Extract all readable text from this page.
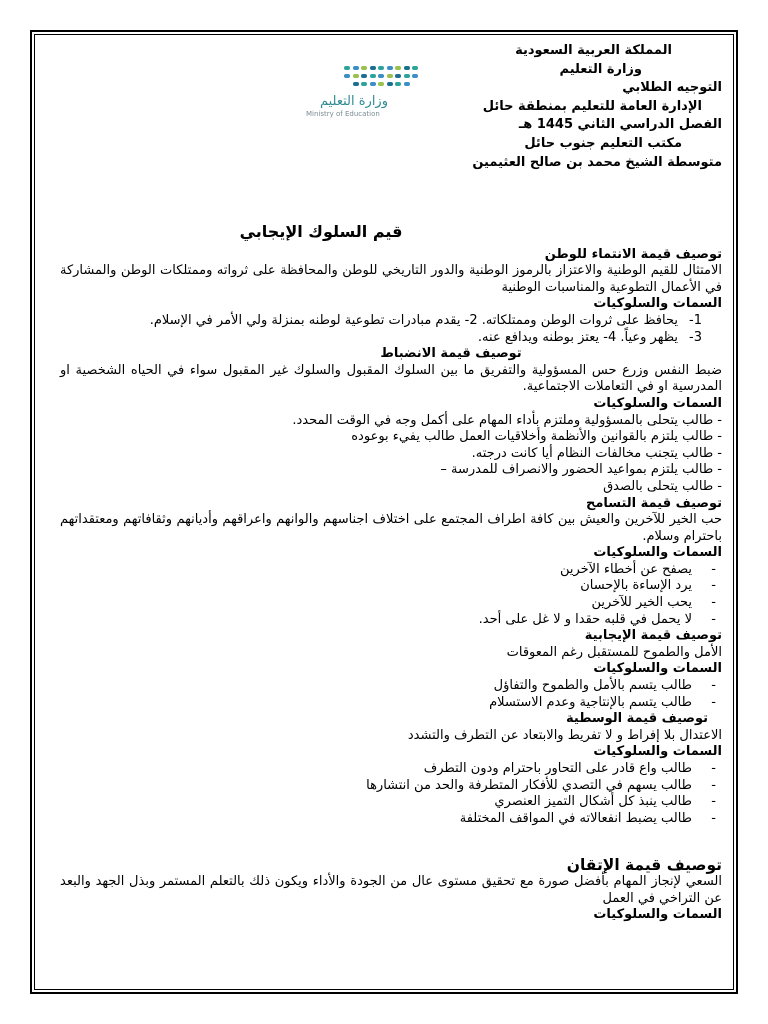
المملكة العربية السعودية
وزارة التعليم
التوجيه الطلابي
الإدارة العامة للتعليم بمنطقة حائل
الفصل الدراسي الثاني 1445 هـ
مكتب التعليم جنوب حائل
متوسطة الشيخ محمد بن صالح العثيمين
وزارة التعليم
Ministry of Education
قيم السلوك الإيجابي
توصيف قيمة الانتماء للوطن
الامتثال للقيم الوطنية والاعتزاز بالرموز الوطنية والدور التاريخي للوطن والمحافظة على ثرواته وممتلكات الوطن والمشاركة في الأعمال التطوعية والمناسبات الوطنية
السمات والسلوكيات
1-
يحافظ على ثروات الوطن وممتلكاته. 2- يقدم مبادرات تطوعية لوطنه بمنزلة ولي الأمر في الإسلام.
3-
يظهر وعياً. 4- يعتز بوطنه ويدافع عنه.
توصيف قيمة الانضباط
ضبط النفس وزرع حس المسؤولية والتفريق ما بين السلوك المقبول والسلوك غير المقبول سواء في الحياه الشخصية او المدرسية او في التعاملات الاجتماعية.
السمات والسلوكيات
- طالب يتحلى بالمسؤولية وملتزم بأداء المهام على أكمل وجه في الوقت المحدد.
- طالب يلتزم بالقوانين والأنظمة وأخلاقيات العمل طالب يفيء بوعوده
- طالب يتجنب مخالفات النظام أيا كانت درجته.
- طالب يلتزم بمواعيد الحضور والانصراف للمدرسة –
- طالب يتحلى بالصدق
توصيف قيمة التسامح
حب الخير للآخرين والعيش بين كافة اطراف المجتمع على اختلاف اجناسهم والوانهم واعراقهم وأديانهم وثقافاتهم ومعتقداتهم باحترام وسلام.
السمات والسلوكيات
-
يصفح عن أخطاء الآخرين
-
يرد الإساءة بالإحسان
-
يحب الخير للآخرين
-
لا يحمل في قلبه حقدا و لا غل على أحد.
توصيف قيمة الإيجابية
الأمل والطموح للمستقبل رغم المعوقات
السمات والسلوكيات
-
طالب يتسم بالأمل والطموح والتفاؤل
-
طالب يتسم بالإنتاجية وعدم الاستسلام
توصيف قيمة الوسطية
الاعتدال بلا إفراط و لا تفريط والابتعاد عن التطرف والتشدد
السمات والسلوكيات
-
طالب واع قادر على التحاور باحترام ودون التطرف
-
طالب يسهم في التصدي للأفكار المتطرفة والحد من انتشارها
-
طالب ينبذ كل أشكال التميز العنصري
-
طالب يضبط انفعالاته في المواقف المختلفة
توصيف قيمة الإتقان
السعي لإنجاز المهام بأفضل صورة مع تحقيق مستوى عال من الجودة والأداء ويكون ذلك بالتعلم المستمر وبذل الجهد والبعد عن التراخي في العمل
السمات والسلوكيات
